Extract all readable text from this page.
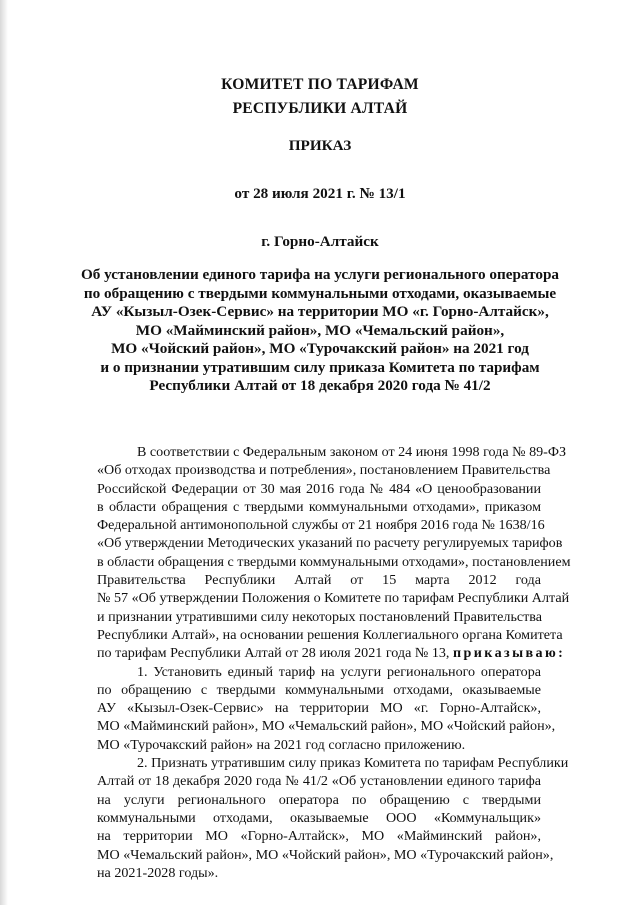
КОМИТЕТ ПО ТАРИФАМ
РЕСПУБЛИКИ АЛТАЙ
ПРИКАЗ
от 28 июля 2021 г. № 13/1
г. Горно-Алтайск
Об установлении единого тарифа на услуги регионального оператора
по обращению с твердыми коммунальными отходами, оказываемые
АУ «Кызыл-Озек-Сервис» на территории МО «г. Горно-Алтайск»,
МО «Майминский район», МО «Чемальский район»,
МО «Чойский район», МО «Турочакский район» на 2021 год
и о признании утратившим силу приказа Комитета по тарифам
Республики Алтай от 18 декабря 2020 года № 41/2
В соответствии с Федеральным законом от 24 июня 1998 года № 89-ФЗ
«Об отходах производства и потребления», постановлением Правительства
Российской Федерации от 30 мая 2016 года № 484 «О ценообразовании
в области обращения с твердыми коммунальными отходами», приказом
Федеральной антимонопольной службы от 21 ноября 2016 года № 1638/16
«Об утверждении Методических указаний по расчету регулируемых тарифов
в области обращения с твердыми коммунальными отходами», постановлением
Правительства Республики Алтай от 15 марта 2012 года
№ 57 «Об утверждении Положения о Комитете по тарифам Республики Алтай
и признании утратившими силу некоторых постановлений Правительства
Республики Алтай», на основании решения Коллегиального органа Комитета
по тарифам Республики Алтай от 28 июля 2021 года № 13, приказываю:
1. Установить единый тариф на услуги регионального оператора
по обращению с твердыми коммунальными отходами, оказываемые
АУ «Кызыл-Озек-Сервис» на территории МО «г. Горно-Алтайск»,
МО «Майминский район», МО «Чемальский район», МО «Чойский район»,
МО «Турочакский район» на 2021 год согласно приложению.
2. Признать утратившим силу приказ Комитета по тарифам Республики
Алтай от 18 декабря 2020 года № 41/2 «Об установлении единого тарифа
на услуги регионального оператора по обращению с твердыми
коммунальными отходами, оказываемые ООО «Коммунальщик»
на территории МО «Горно-Алтайск», МО «Майминский район»,
МО «Чемальский район», МО «Чойский район», МО «Турочакский район»,
на 2021-2028 годы».
